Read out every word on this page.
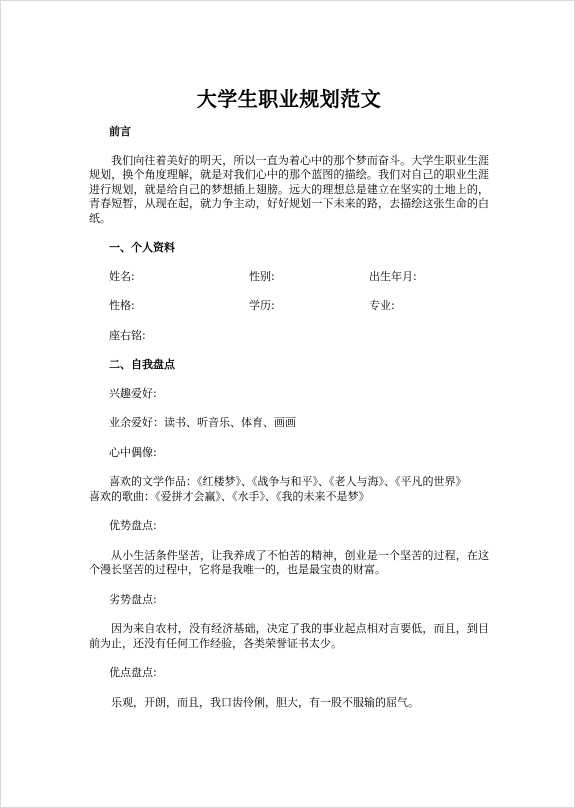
大学生职业规划范文
前言
我们向往着美好的明天，所以一直为着心中的那个梦而奋斗。大学生职业生涯规划，换个角度理解，就是对我们心中的那个蓝图的描绘。我们对自己的职业生涯进行规划，就是给自己的梦想插上翅膀。远大的理想总是建立在坚实的土地上的，青春短暂，从现在起，就力争主动，好好规划一下未来的路，去描绘这张生命的白纸。
一、个人资料
姓名:	性别:	出生年月:
性格:	学历:	专业:
座右铭:
二、自我盘点
兴趣爱好:
业余爱好：读书、听音乐、体育、画画
心中偶像:
喜欢的文学作品：《红楼梦》、《战争与和平》、《老人与海》、《平凡的世界》
喜欢的歌曲：《爱拼才会赢》、《水手》、《我的未来不是梦》
优势盘点:
从小生活条件坚苦，让我养成了不怕苦的精神，创业是一个坚苦的过程，在这个漫长坚苦的过程中，它将是我唯一的，也是最宝贵的财富。
劣势盘点:
因为来自农村，没有经济基础，决定了我的事业起点相对言要低，而且，到目前为止，还没有任何工作经验，各类荣誉证书太少。
优点盘点:
乐观，开朗，而且，我口齿伶俐，胆大，有一股不服输的屈气。
